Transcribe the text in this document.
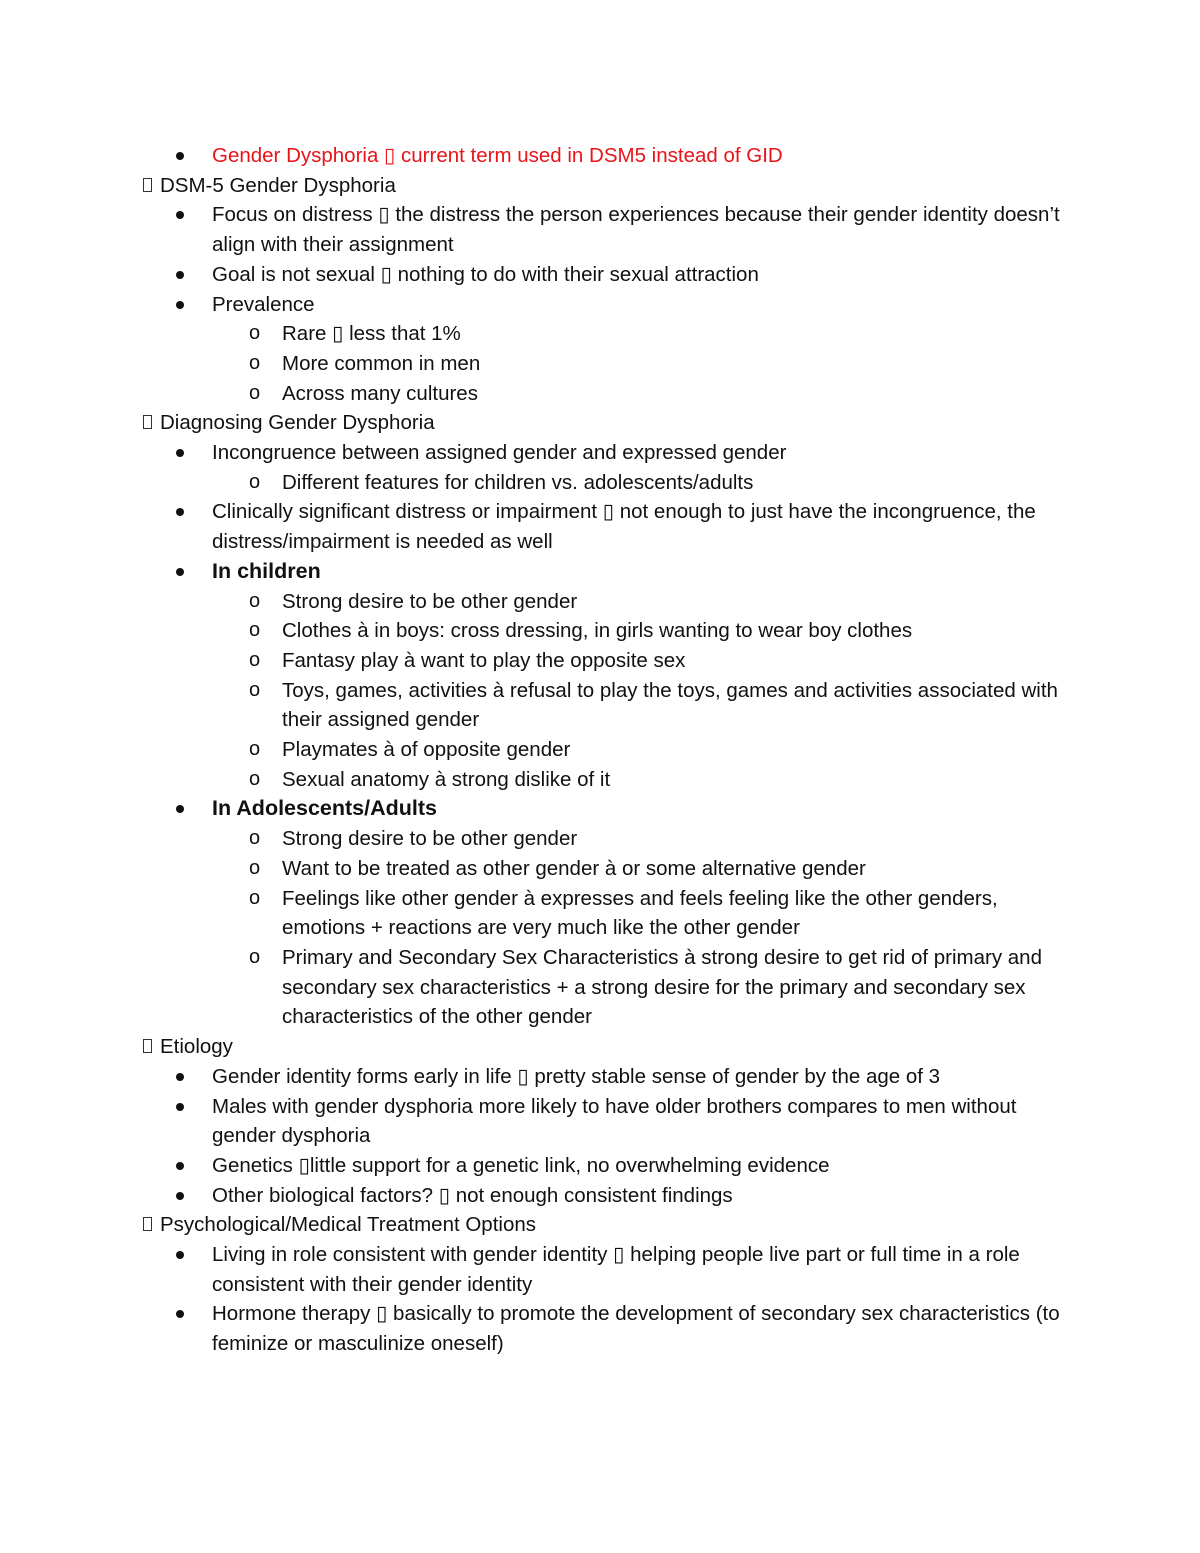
Gender Dysphoria ▯ current term used in DSM5 instead of GID
DSM-5 Gender Dysphoria
Focus on distress ▯ the distress the person experiences because their gender identity doesn’t align with their assignment
Goal is not sexual ▯ nothing to do with their sexual attraction
Prevalence
o Rare ▯ less that 1%
o More common in men
o Across many cultures
Diagnosing Gender Dysphoria
Incongruence between assigned gender and expressed gender
o Different features for children vs. adolescents/adults
Clinically significant distress or impairment ▯ not enough to just have the incongruence, the distress/impairment is needed as well
In children
o Strong desire to be other gender
o Clothes à in boys: cross dressing, in girls wanting to wear boy clothes
o Fantasy play à want to play the opposite sex
o Toys, games, activities à refusal to play the toys, games and activities associated with their assigned gender
o Playmates à of opposite gender
o Sexual anatomy à strong dislike of it
In Adolescents/Adults
o Strong desire to be other gender
o Want to be treated as other gender à or some alternative gender
o Feelings like other gender à expresses and feels feeling like the other genders, emotions + reactions are very much like the other gender
o Primary and Secondary Sex Characteristics à strong desire to get rid of primary and secondary sex characteristics + a strong desire for the primary and secondary sex characteristics of the other gender
Etiology
Gender identity forms early in life ▯ pretty stable sense of gender by the age of 3
Males with gender dysphoria more likely to have older brothers compares to men without gender dysphoria
Genetics ▯little support for a genetic link, no overwhelming evidence
Other biological factors? ▯ not enough consistent findings
Psychological/Medical Treatment Options
Living in role consistent with gender identity ▯ helping people live part or full time in a role consistent with their gender identity
Hormone therapy ▯ basically to promote the development of secondary sex characteristics (to feminize or masculinize oneself)
